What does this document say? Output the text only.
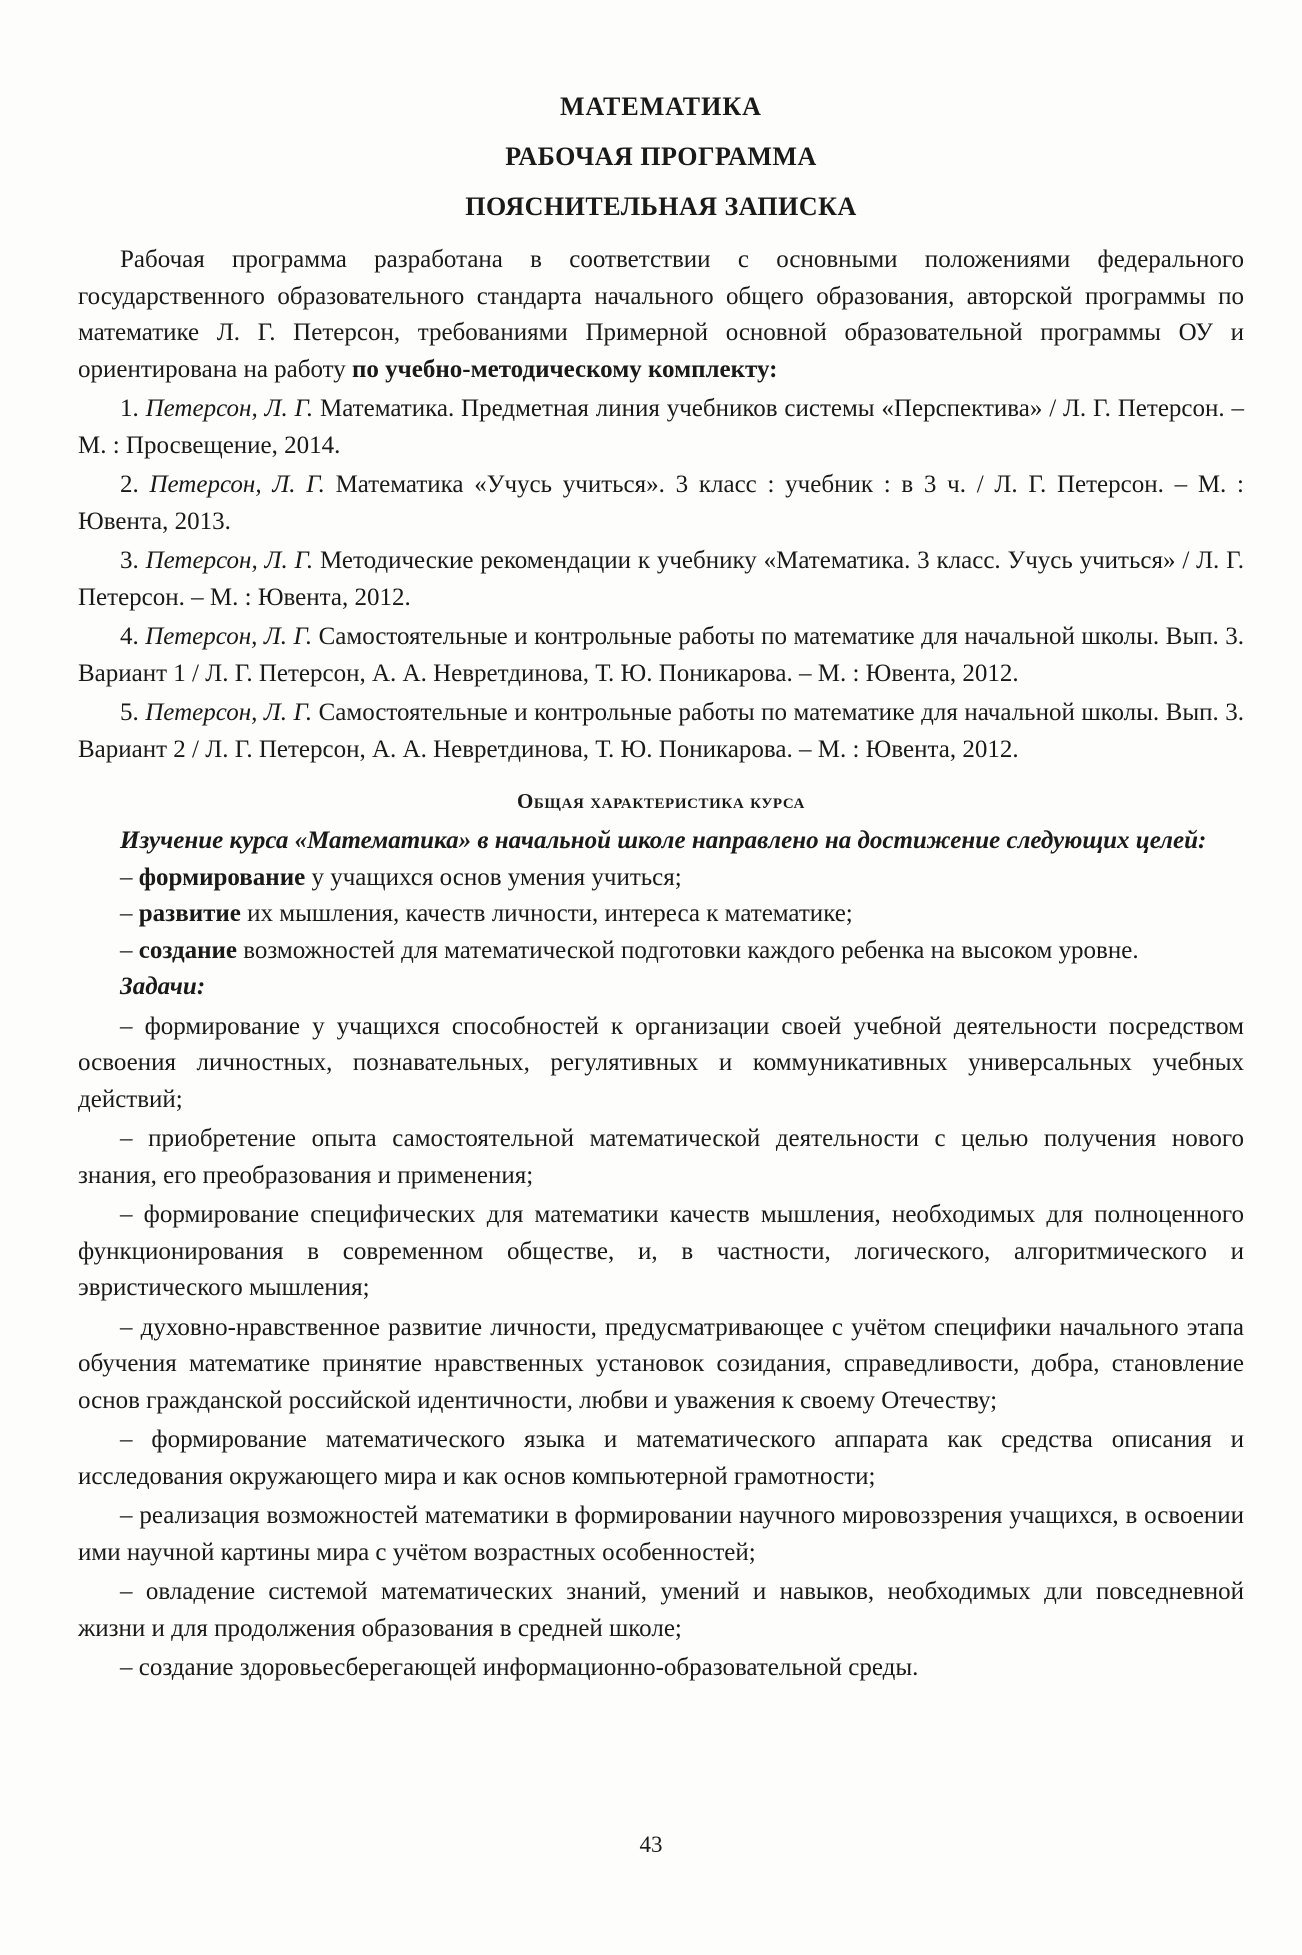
МАТЕМАТИКА
РАБОЧАЯ ПРОГРАММА
ПОЯСНИТЕЛЬНАЯ ЗАПИСКА

Рабочая программа разработана в соответствии с основными положениями федерального государственного образовательного стандарта начального общего образования, авторской программы по математике Л. Г. Петерсон, требованиями Примерной основной образовательной программы ОУ и ориентирована на работу по учебно-методическому комплекту:

1. Петерсон, Л. Г. Математика. Предметная линия учебников системы «Перспектива» / Л. Г. Петерсон. – М. : Просвещение, 2014.

2. Петерсон, Л. Г. Математика «Учусь учиться». 3 класс : учебник : в 3 ч. / Л. Г. Петерсон. – М. : Ювента, 2013.

3. Петерсон, Л. Г. Методические рекомендации к учебнику «Математика. 3 класс. Учусь учиться» / Л. Г. Петерсон. – М. : Ювента, 2012.

4. Петерсон, Л. Г. Самостоятельные и контрольные работы по математике для начальной школы. Вып. 3. Вариант 1 / Л. Г. Петерсон, А. А. Невретдинова, Т. Ю. Поникарова. – М. : Ювента, 2012.

5. Петерсон, Л. Г. Самостоятельные и контрольные работы по математике для начальной школы. Вып. 3. Вариант 2 / Л. Г. Петерсон, А. А. Невретдинова, Т. Ю. Поникарова. – М. : Ювента, 2012.

Общая характеристика курса

Изучение курса «Математика» в начальной школе направлено на достижение следующих целей:

– формирование у учащихся основ умения учиться;

– развитие их мышления, качеств личности, интереса к математике;

– создание возможностей для математической подготовки каждого ребенка на высоком уровне.

Задачи:

– формирование у учащихся способностей к организации своей учебной деятельности посредством освоения личностных, познавательных, регулятивных и коммуникативных универсальных учебных действий;

– приобретение опыта самостоятельной математической деятельности с целью получения нового знания, его преобразования и применения;

– формирование специфических для математики качеств мышления, необходимых для полноценного функционирования в современном обществе, и, в частности, логического, алгоритмического и эвристического мышления;

– духовно-нравственное развитие личности, предусматривающее с учётом специфики начального этапа обучения математике принятие нравственных установок созидания, справедливости, добра, становление основ гражданской российской идентичности, любви и уважения к своему Отечеству;

– формирование математического языка и математического аппарата как средства описания и исследования окружающего мира и как основ компьютерной грамотности;

– реализация возможностей математики в формировании научного мировоззрения учащихся, в освоении ими научной картины мира с учётом возрастных особенностей;

– овладение системой математических знаний, умений и навыков, необходимых дли повседневной жизни и для продолжения образования в средней школе;

– создание здоровьесберегающей информационно-образовательной среды.

43
